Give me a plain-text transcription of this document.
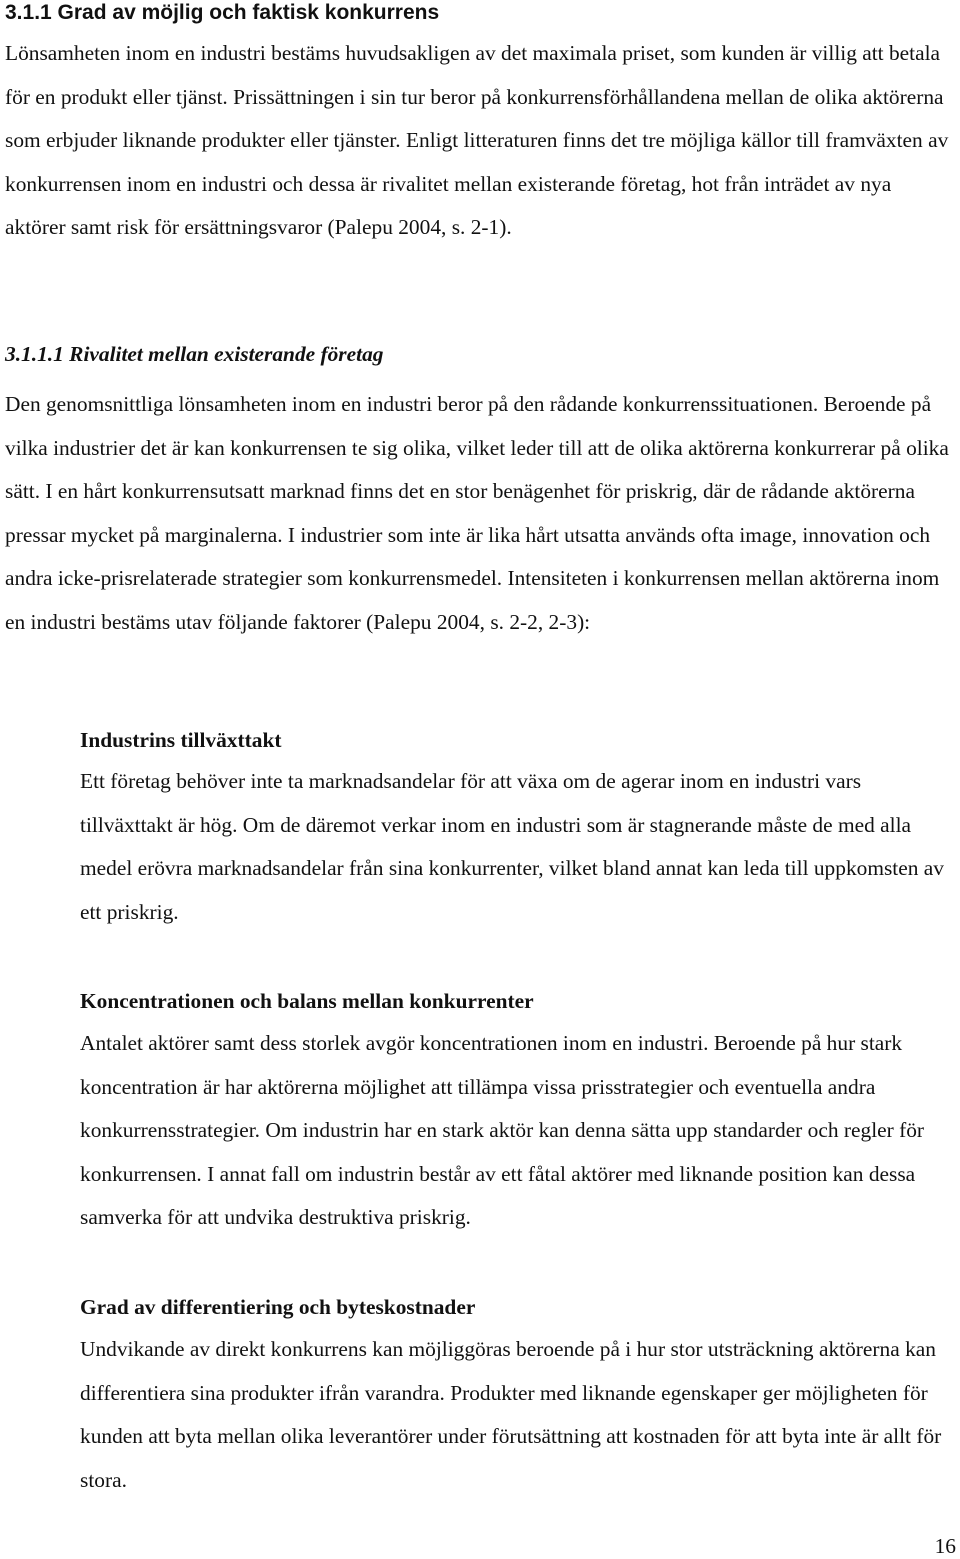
3.1.1 Grad av möjlig och faktisk konkurrens

Lönsamheten inom en industri bestäms huvudsakligen av det maximala priset, som kunden är villig att betala för en produkt eller tjänst. Prissättningen i sin tur beror på konkurrensförhållandena mellan de olika aktörerna som erbjuder liknande produkter eller tjänster. Enligt litteraturen finns det tre möjliga källor till framväxten av konkurrensen inom en industri och dessa är rivalitet mellan existerande företag, hot från inträdet av nya aktörer samt risk för ersättningsvaror (Palepu 2004, s. 2-1).

3.1.1.1 Rivalitet mellan existerande företag

Den genomsnittliga lönsamheten inom en industri beror på den rådande konkurrenssituationen. Beroende på vilka industrier det är kan konkurrensen te sig olika, vilket leder till att de olika aktörerna konkurrerar på olika sätt. I en hårt konkurrensutsatt marknad finns det en stor benägenhet för priskrig, där de rådande aktörerna pressar mycket på marginalerna. I industrier som inte är lika hårt utsatta används ofta image, innovation och andra icke-prisrelaterade strategier som konkurrensmedel. Intensiteten i konkurrensen mellan aktörerna inom en industri bestäms utav följande faktorer (Palepu 2004, s. 2-2, 2-3):

Industrins tillväxttakt

Ett företag behöver inte ta marknadsandelar för att växa om de agerar inom en industri vars tillväxttakt är hög. Om de däremot verkar inom en industri som är stagnerande måste de med alla medel erövra marknadsandelar från sina konkurrenter, vilket bland annat kan leda till uppkomsten av ett priskrig.

Koncentrationen och balans mellan konkurrenter

Antalet aktörer samt dess storlek avgör koncentrationen inom en industri. Beroende på hur stark koncentration är har aktörerna möjlighet att tillämpa vissa prisstrategier och eventuella andra konkurrensstrategier. Om industrin har en stark aktör kan denna sätta upp standarder och regler för konkurrensen. I annat fall om industrin består av ett fåtal aktörer med liknande position kan dessa samverka för att undvika destruktiva priskrig.

Grad av differentiering och byteskostnader

Undvikande av direkt konkurrens kan möjliggöras beroende på i hur stor utsträckning aktörerna kan differentiera sina produkter ifrån varandra. Produkter med liknande egenskaper ger möjligheten för kunden att byta mellan olika leverantörer under förutsättning att kostnaden för att byta inte är allt för stora.

16
